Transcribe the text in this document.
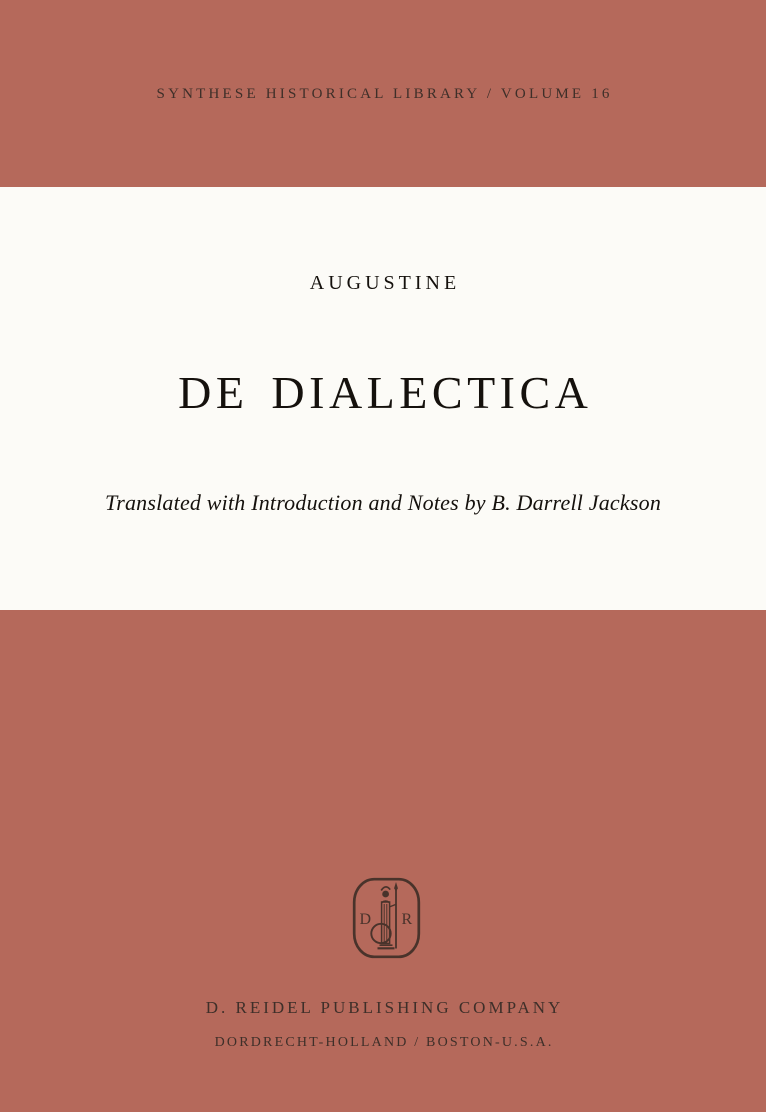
SYNTHESE HISTORICAL LIBRARY / VOLUME 16
AUGUSTINE
DE DIALECTICA
Translated with Introduction and Notes by B. Darrell Jackson
D R
D. REIDEL PUBLISHING COMPANY
DORDRECHT-HOLLAND / BOSTON-U.S.A.
